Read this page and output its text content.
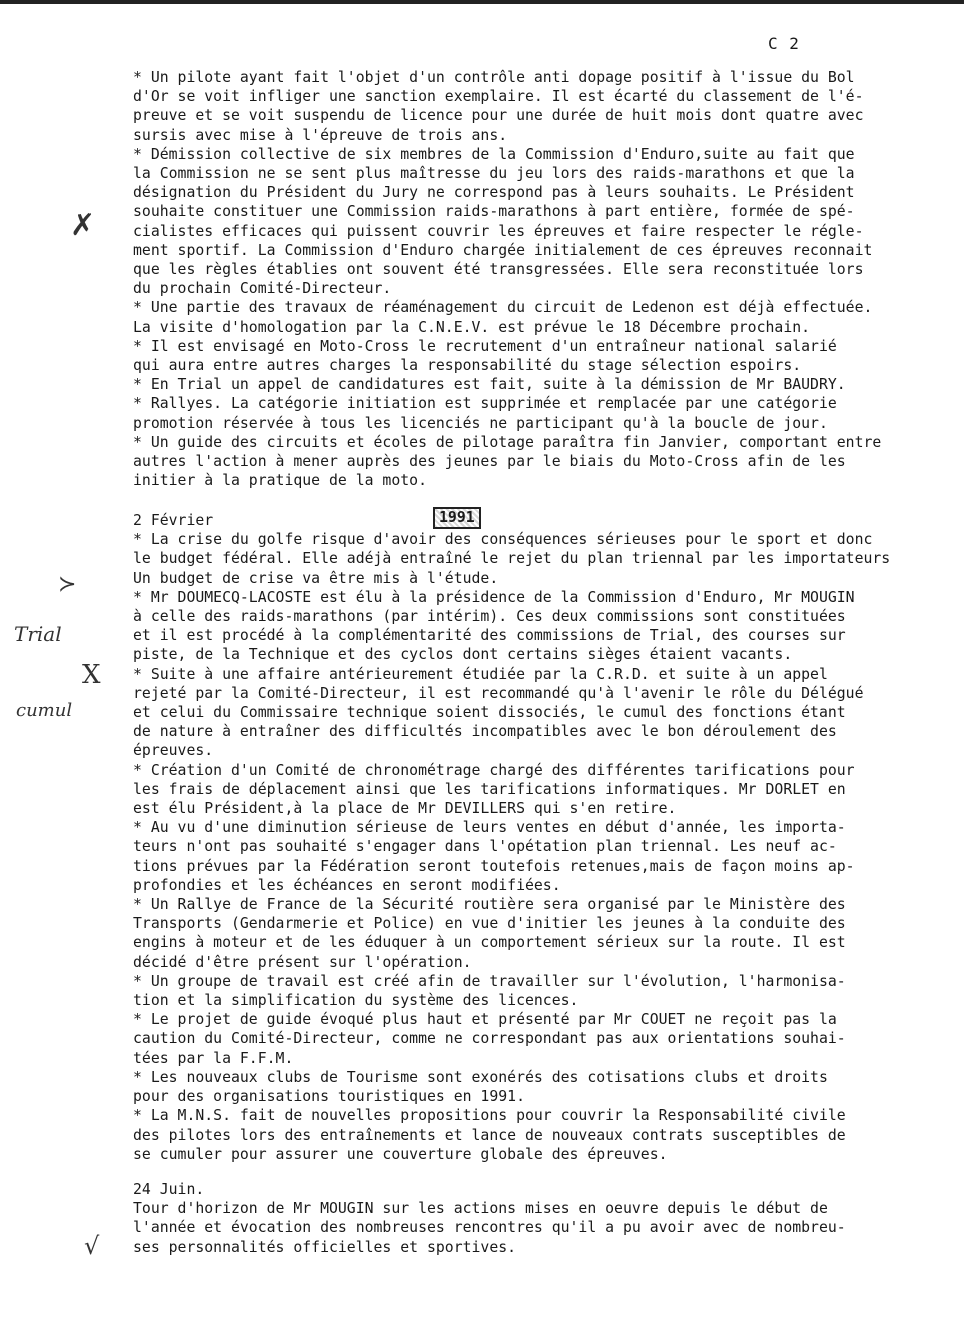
C 2
✗
≻
Trial
X
cumul
√

* Un pilote ayant fait l'objet d'un contrôle anti dopage positif à l'issue du Bol

d'Or se voit infliger une sanction exemplaire. Il est écarté du classement de l'é-

preuve et se voit suspendu de licence pour une durée de huit mois dont quatre avec

sursis avec mise à l'épreuve de trois ans.

* Démission collective de six membres de la Commission d'Enduro,suite au fait que

la Commission ne se sent plus maîtresse du jeu lors des raids-marathons et que la

désignation du Président du Jury ne correspond pas à leurs souhaits. Le Président

souhaite constituer une Commission raids-marathons à part entière, formée de spé-

cialistes efficaces qui puissent couvrir les épreuves et faire respecter le régle-

ment sportif. La Commission d'Enduro chargée initialement de ces épreuves reconnait

que les règles établies ont souvent été transgressées. Elle sera reconstituée lors

du prochain Comité-Directeur.

* Une partie des travaux de réaménagement du circuit de Ledenon est déjà effectuée.

La visite d'homologation par la C.N.E.V. est prévue le 18 Décembre prochain.

* Il est envisagé en Moto-Cross le recrutement d'un entraîneur national salarié

qui aura entre autres charges la responsabilité du stage sélection espoirs.

* En Trial un appel de candidatures est fait, suite à la démission de Mr BAUDRY.

* Rallyes. La catégorie initiation est supprimée et remplacée par une catégorie

promotion réservée à tous les licenciés ne participant qu'à la boucle de jour.

* Un guide des circuits et écoles de pilotage paraîtra fin Janvier, comportant entre

autres l'action à mener auprès des jeunes par le biais du Moto-Cross afin de les

initier à la pratique de la moto.

2 Février	1991

* La crise du golfe risque d'avoir des conséquences sérieuses pour le sport et donc

le budget fédéral. Elle adéjà entraîné le rejet du plan triennal par les importateurs

Un budget de crise va être mis à l'étude.

* Mr DOUMECQ-LACOSTE est élu à la présidence de la Commission d'Enduro, Mr MOUGIN

à celle des raids-marathons (par intérim). Ces deux commissions sont constituées

et il est procédé à la complémentarité des commissions de Trial, des courses sur

piste, de la Technique et des cyclos dont certains sièges étaient vacants.

* Suite à une affaire antérieurement étudiée par la C.R.D. et suite à un appel

rejeté par la Comité-Directeur, il est recommandé qu'à l'avenir le rôle du Délégué

et celui du Commissaire technique soient dissociés, le cumul des fonctions étant

de nature à entraîner des difficultés incompatibles avec le bon déroulement des

épreuves.

* Création d'un Comité de chronométrage chargé des différentes tarifications pour

les frais de déplacement ainsi que les tarifications informatiques. Mr DORLET en

est élu Président,à la place de Mr DEVILLERS qui s'en retire.

* Au vu d'une diminution sérieuse de leurs ventes en début d'année, les importa-

teurs n'ont pas souhaité s'engager dans l'opétation plan triennal. Les neuf ac-

tions prévues par la Fédération seront toutefois retenues,mais de façon moins ap-

profondies et les échéances en seront modifiées.

* Un Rallye de France de la Sécurité routière sera organisé par le Ministère des

Transports (Gendarmerie et Police) en vue d'initier les jeunes à la conduite des

engins à moteur et de les éduquer à un comportement sérieux sur la route. Il est

décidé d'être présent sur l'opération.

* Un groupe de travail est créé afin de travailler sur l'évolution, l'harmonisa-

tion et la simplification du système des licences.

* Le projet de guide évoqué plus haut et présenté par Mr COUET ne reçoit pas la

caution du Comité-Directeur, comme ne correspondant pas aux orientations souhai-

tées par la F.F.M.

* Les nouveaux clubs de Tourisme sont exonérés des cotisations clubs et droits

pour des organisations touristiques en 1991.

* La M.N.S. fait de nouvelles propositions pour couvrir la Responsabilité civile

des pilotes lors des entraînements et lance de nouveaux contrats susceptibles de

se cumuler pour assurer une couverture globale des épreuves.

24 Juin.

Tour d'horizon de Mr MOUGIN sur les actions mises en oeuvre depuis le début de

l'année et évocation des nombreuses rencontres qu'il a pu avoir avec de nombreu-

ses personnalités officielles et sportives.
